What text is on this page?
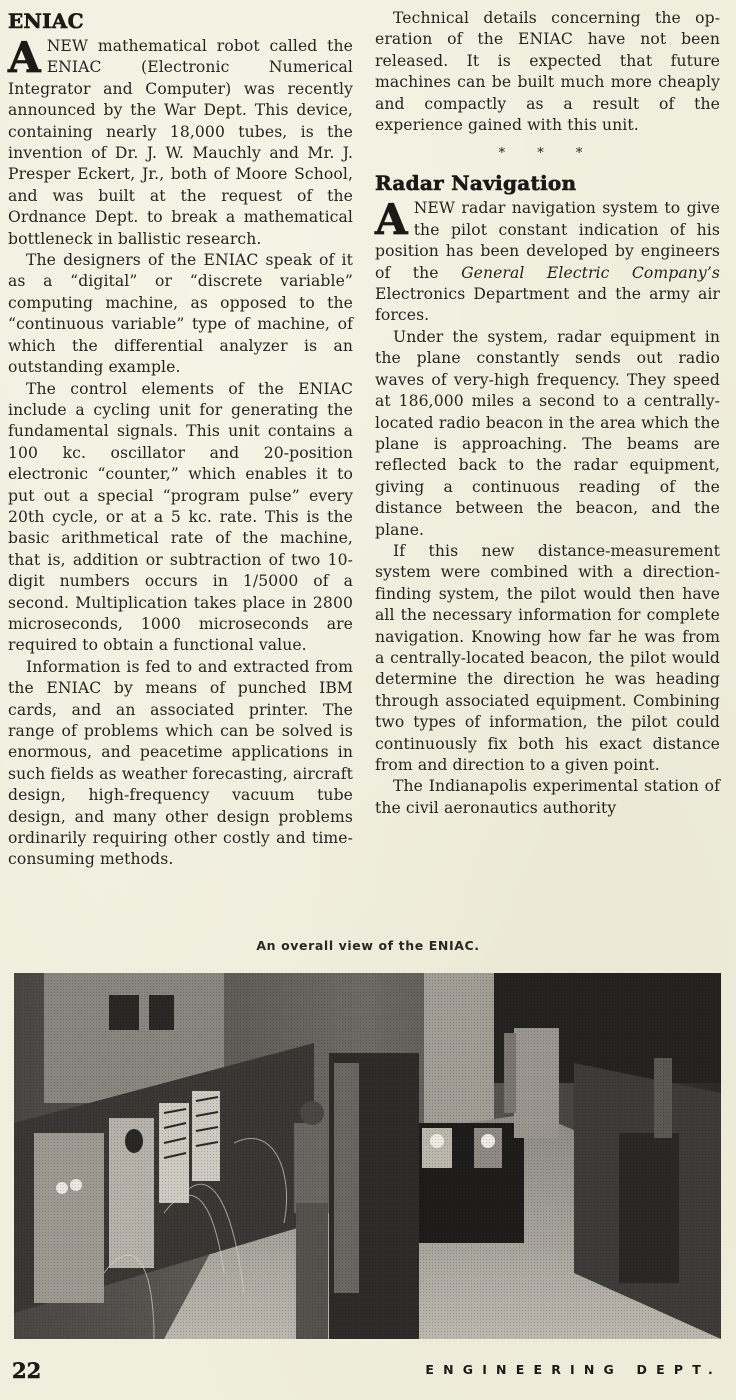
ENIAC

A NEW mathematical robot called the ENIAC (Electronic Numerical Integrator and Computer) was recently announced by the War Dept. This device, containing nearly 18,000 tubes, is the invention of Dr. J. W. Mauchly and Mr. J. Presper Eckert, Jr., both of Moore School, and was built at the request of the Ordnance Dept. to break a mathematical bottleneck in ballistic research.

The designers of the ENIAC speak of it as a “digital” or “discrete variable” computing machine, as opposed to the “continuous variable” type of machine, of which the differential analyzer is an outstanding example.

The control elements of the ENIAC include a cycling unit for generating the fundamental signals. This unit contains a 100 kc. oscillator and 20-position electronic “counter,” which enables it to put out a special “program pulse” every 20th cycle, or at a 5 kc. rate. This is the basic arithmetical rate of the machine, that is, addition or subtraction of two 10-digit numbers occurs in 1/5000 of a second. Multiplication takes place in 2800 microseconds, 1000 microseconds are required to obtain a functional value.

Information is fed to and extracted from the ENIAC by means of punched IBM cards, and an associated printer. The range of problems which can be solved is enormous, and peacetime applications in such fields as weather forecasting, aircraft design, high-frequency vacuum tube design, and many other design problems ordinarily requiring other costly and time-consuming methods.

Technical details concerning the operation of the ENIAC have not been released. It is expected that future machines can be built much more cheaply and compactly as a result of the experience gained with this unit.

* * *
Radar Navigation

A NEW radar navigation system to give the pilot constant indication of his position has been developed by engineers of the General Electric Company’s Electronics Department and the army air forces.

Under the system, radar equipment in the plane constantly sends out radio waves of very-high frequency. They speed at 186,000 miles a second to a centrally-located radio beacon in the area which the plane is approaching. The beams are reflected back to the radar equipment, giving a continuous reading of the distance between the beacon, and the plane.

If this new distance-measurement system were combined with a direction-finding system, the pilot would then have all the necessary information for complete navigation. Knowing how far he was from a centrally-located beacon, the pilot would determine the direction he was heading through associated equipment. Combining two types of information, the pilot could continuously fix both his exact distance from and direction to a given point.

The Indianapolis experimental station of the civil aeronautics authority

An overall view of the ENIAC.
22	ENGINEERING DEPT.
